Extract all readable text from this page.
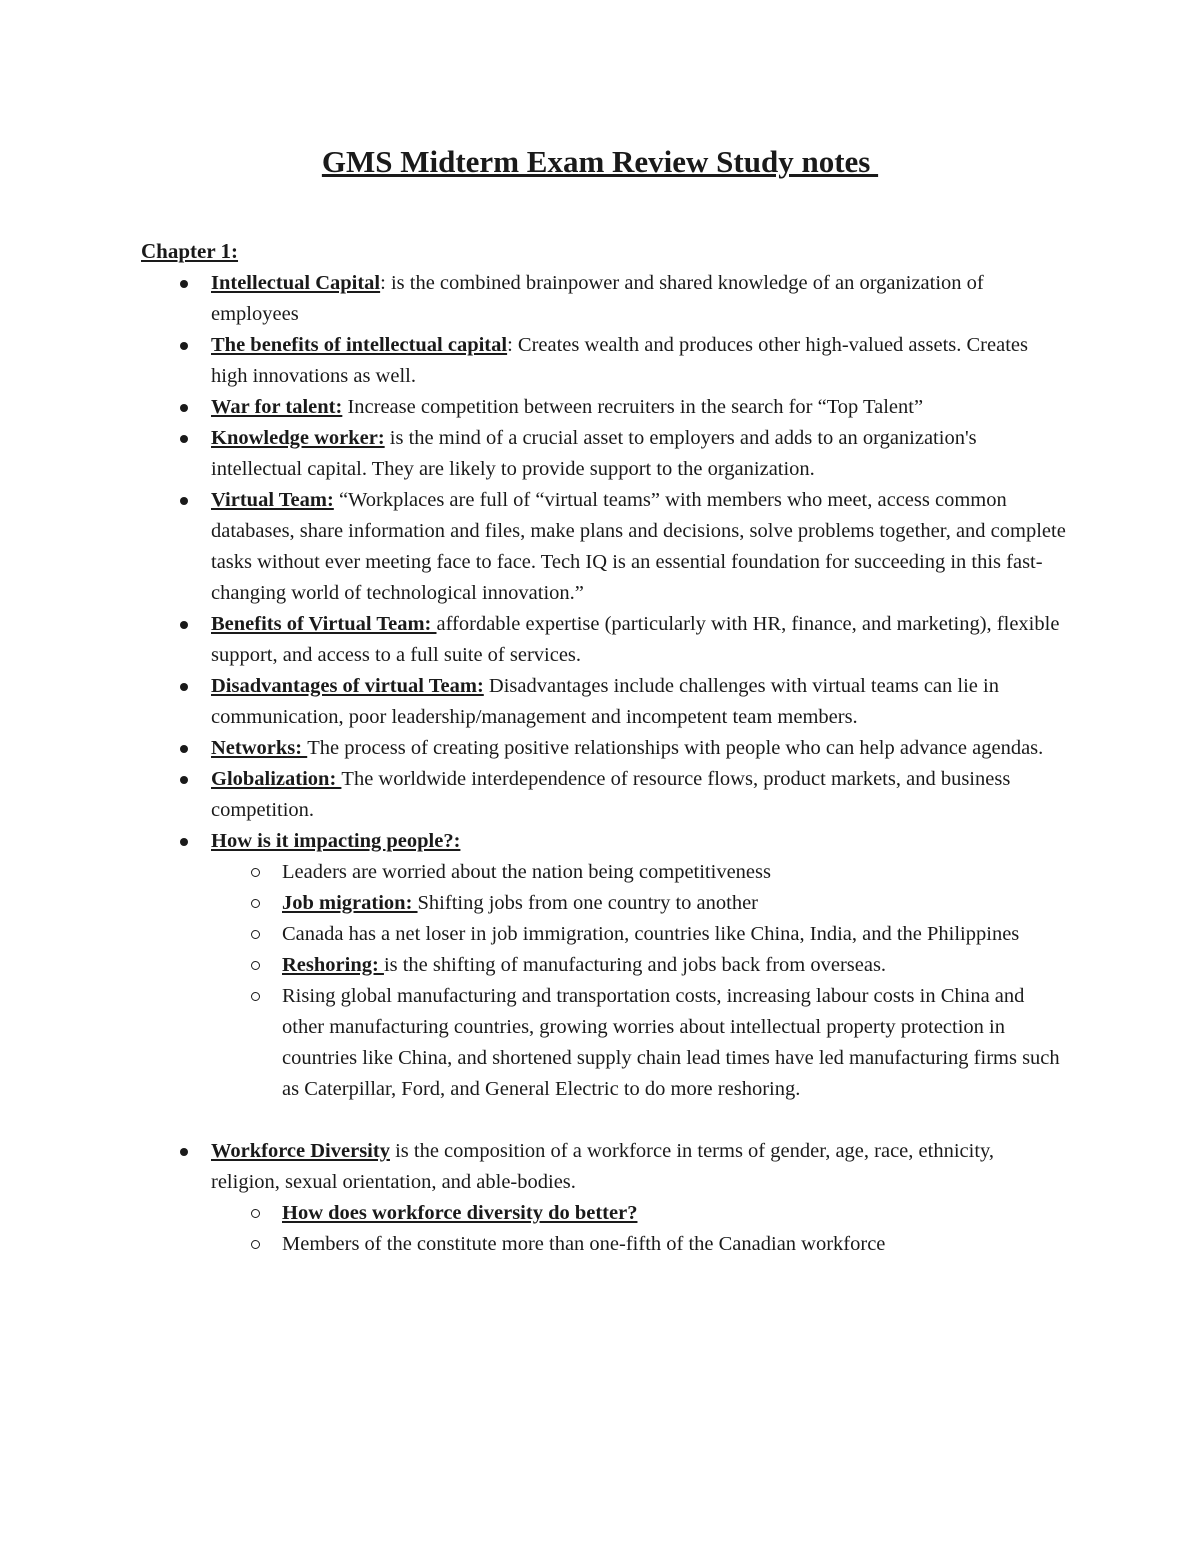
GMS Midterm Exam Review Study notes

Chapter 1:

Intellectual Capital: is the combined brainpower and shared knowledge of an organization of employees
The benefits of intellectual capital: Creates wealth and produces other high-valued assets. Creates high innovations as well.
War for talent: Increase competition between recruiters in the search for “Top Talent”
Knowledge worker: is the mind of a crucial asset to employers and adds to an organization's intellectual capital. They are likely to provide support to the organization.
Virtual Team: “Workplaces are full of “virtual teams” with members who meet, access common databases, share information and files, make plans and decisions, solve problems together, and complete tasks without ever meeting face to face. Tech IQ is an essential foundation for succeeding in this fast-changing world of technological innovation.”
Benefits of Virtual Team: affordable expertise (particularly with HR, finance, and marketing), flexible support, and access to a full suite of services.
Disadvantages of virtual Team: Disadvantages include challenges with virtual teams can lie in communication, poor leadership/management and incompetent team members.
Networks: The process of creating positive relationships with people who can help advance agendas.
Globalization: The worldwide interdependence of resource flows, product markets, and business competition.
How is it impacting people?:
Leaders are worried about the nation being competitiveness
Job migration: Shifting jobs from one country to another
Canada has a net loser in job immigration, countries like China, India, and the Philippines
Reshoring: is the shifting of manufacturing and jobs back from overseas.
Rising global manufacturing and transportation costs, increasing labour costs in China and other manufacturing countries, growing worries about intellectual property protection in countries like China, and shortened supply chain lead times have led manufacturing firms such as Caterpillar, Ford, and General Electric to do more reshoring.
Workforce Diversity is the composition of a workforce in terms of gender, age, race, ethnicity, religion, sexual orientation, and able-bodies.
How does workforce diversity do better?
Members of the constitute more than one-fifth of the Canadian workforce
